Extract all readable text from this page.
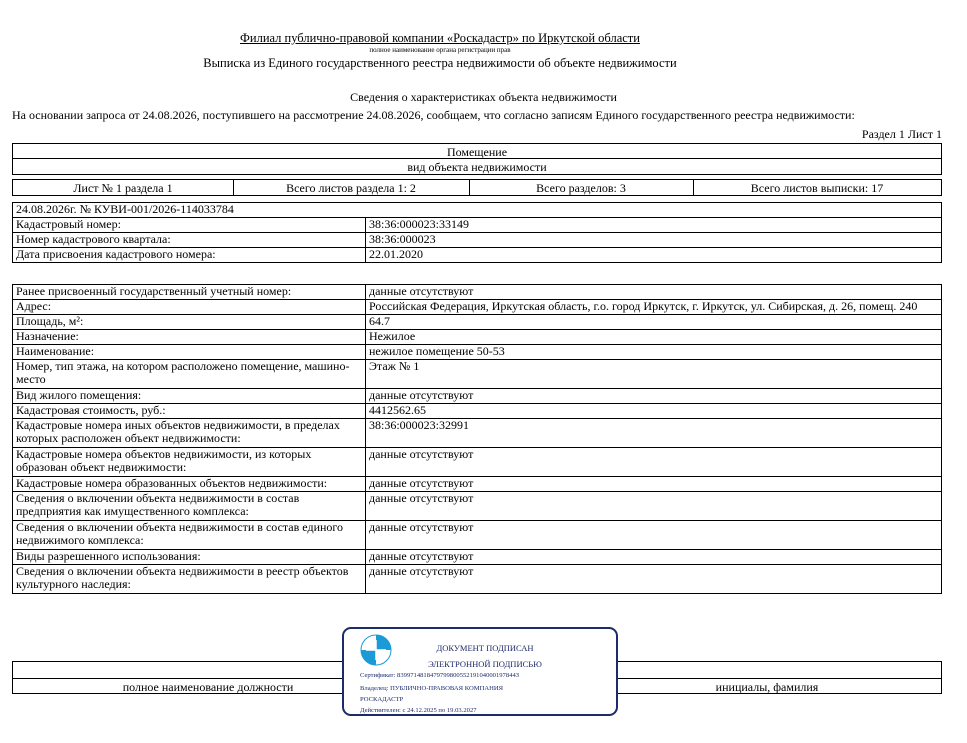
Филиал публично-правовой компании «Роскадастр» по Иркутской области
полное наименование органа регистрации прав
Выписка из Единого государственного реестра недвижимости об объекте недвижимости
Сведения о характеристиках объекта недвижимости
На основании запроса от 24.08.2026, поступившего на рассмотрение 24.08.2026, сообщаем, что согласно записям Единого государственного реестра недвижимости:
Раздел 1 Лист 1
Помещение
вид объекта недвижимости
Лист № 1 раздела 1	Всего листов раздела 1: 2	Всего разделов: 3	Всего листов выписки: 17
24.08.2026г. № КУВИ-001/2026-114033784	
Кадастровый номер:	38:36:000023:33149
Номер кадастрового квартала:	38:36:000023
Дата присвоения кадастрового номера:	22.01.2020
Ранее присвоенный государственный учетный номер:	данные отсутствуют
Адрес:	Российская Федерация, Иркутская область, г.о. город Иркутск, г. Иркутск, ул. Сибирская, д. 26, помещ. 240
Площадь, м²:	64.7
Назначение:	Нежилое
Наименование:	нежилое помещение 50-53
Номер, тип этажа, на котором расположено помещение, машино-место	Этаж № 1
Вид жилого помещения:	данные отсутствуют
Кадастровая стоимость, руб.:	4412562.65
Кадастровые номера иных объектов недвижимости, в пределах которых расположен объект недвижимости:	38:36:000023:32991
Кадастровые номера объектов недвижимости, из которых образован объект недвижимости:	данные отсутствуют
Кадастровые номера образованных объектов недвижимости:	данные отсутствуют
Сведения о включении объекта недвижимости в состав предприятия как имущественного комплекса:	данные отсутствуют
Сведения о включении объекта недвижимости в состав единого недвижимого комплекса:	данные отсутствуют
Виды разрешенного использования:	данные отсутствуют
Сведения о включении объекта недвижимости в реестр объектов культурного наследия:	данные отсутствуют
полное наименование должности	инициалы, фамилия
ДОКУМЕНТ ПОДПИСАН
ЭЛЕКТРОННОЙ ПОДПИСЬЮ
Сертификат: 839971481847979980055219104000197844З
Владелец: ПУБЛИЧНО-ПРАВОВАЯ КОМПАНИЯ
РОСКАДАСТР
Действителен: с 24.12.2025 по 19.03.2027
